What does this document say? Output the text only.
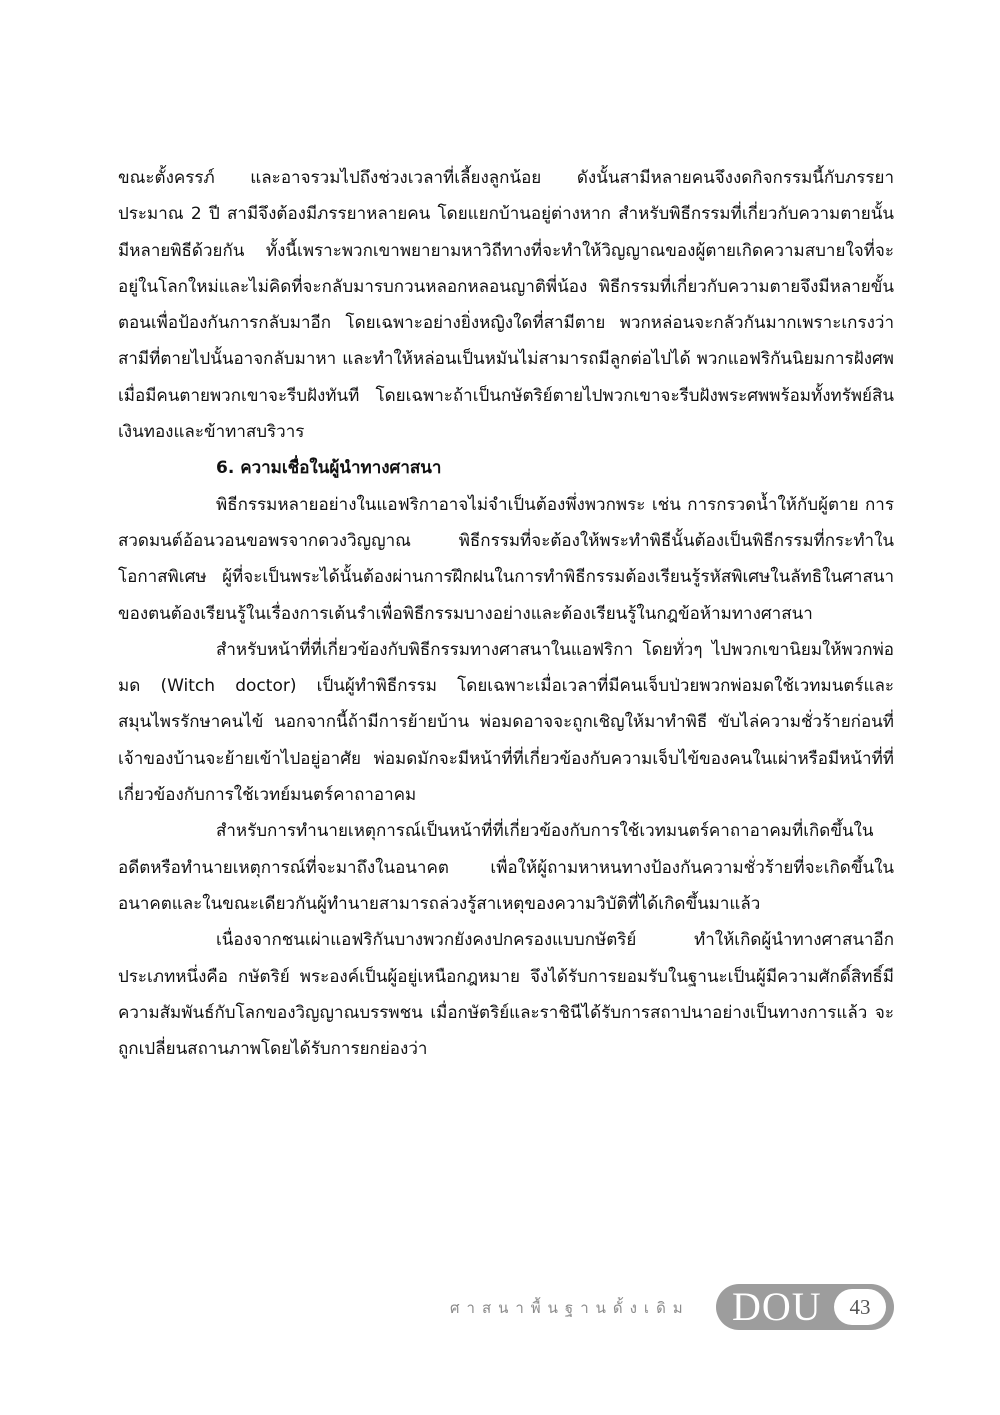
ขณะตั้งครรภ์ และอาจรวมไปถึงช่วงเวลาที่เลี้ยงลูกน้อย ดังนั้นสามีหลายคนจึงงดกิจกรรมนี้กับภรรยาประมาณ 2 ปี สามีจึงต้องมีภรรยาหลายคน โดยแยกบ้านอยู่ต่างหาก สำหรับพิธีกรรมที่เกี่ยวกับความตายนั้นมีหลายพิธีด้วยกัน ทั้งนี้เพราะพวกเขาพยายามหาวิถีทางที่จะทำให้วิญญาณของผู้ตายเกิดความสบายใจที่จะอยู่ในโลกใหม่และไม่คิดที่จะกลับมารบกวนหลอกหลอนญาติพี่น้อง พิธีกรรมที่เกี่ยวกับความตายจึงมีหลายขั้นตอนเพื่อป้องกันการกลับมาอีก โดยเฉพาะอย่างยิ่งหญิงใดที่สามีตาย พวกหล่อนจะกลัวกันมากเพราะเกรงว่าสามีที่ตายไปนั้นอาจกลับมาหา และทำให้หล่อนเป็นหมันไม่สามารถมีลูกต่อไปได้ พวกแอฟริกันนิยมการฝังศพเมื่อมีคนตายพวกเขาจะรีบฝังทันที โดยเฉพาะถ้าเป็นกษัตริย์ตายไปพวกเขาจะรีบฝังพระศพพร้อมทั้งทรัพย์สินเงินทองและข้าทาสบริวาร

6. ความเชื่อในผู้นำทางศาสนา

พิธีกรรมหลายอย่างในแอฟริกาอาจไม่จำเป็นต้องพึ่งพวกพระ เช่น การกรวดน้ำให้กับผู้ตาย การสวดมนต์อ้อนวอนขอพรจากดวงวิญญาณ พิธีกรรมที่จะต้องให้พระทำพิธีนั้นต้องเป็นพิธีกรรมที่กระทำในโอกาสพิเศษ ผู้ที่จะเป็นพระได้นั้นต้องผ่านการฝึกฝนในการทำพิธีกรรมต้องเรียนรู้รหัสพิเศษในลัทธิในศาสนาของตนต้องเรียนรู้ในเรื่องการเต้นรำเพื่อพิธีกรรมบางอย่างและต้องเรียนรู้ในกฎข้อห้ามทางศาสนา

สำหรับหน้าที่ที่เกี่ยวข้องกับพิธีกรรมทางศาสนาในแอฟริกา โดยทั่วๆ ไปพวกเขานิยมให้พวกพ่อมด (Witch doctor) เป็นผู้ทำพิธีกรรม โดยเฉพาะเมื่อเวลาที่มีคนเจ็บป่วยพวกพ่อมดใช้เวทมนตร์และสมุนไพรรักษาคนไข้ นอกจากนี้ถ้ามีการย้ายบ้าน พ่อมดอาจจะถูกเชิญให้มาทำพิธี ขับไล่ความชั่วร้ายก่อนที่เจ้าของบ้านจะย้ายเข้าไปอยู่อาศัย พ่อมดมักจะมีหน้าที่ที่เกี่ยวข้องกับความเจ็บไข้ของคนในเผ่าหรือมีหน้าที่ที่เกี่ยวข้องกับการใช้เวทย์มนตร์คาถาอาคม

สำหรับการทำนายเหตุการณ์เป็นหน้าที่ที่เกี่ยวข้องกับการใช้เวทมนตร์คาถาอาคมที่เกิดขึ้นในอดีตหรือทำนายเหตุการณ์ที่จะมาถึงในอนาคต เพื่อให้ผู้ถามหาหนทางป้องกันความชั่วร้ายที่จะเกิดขึ้นในอนาคตและในขณะเดียวกันผู้ทำนายสามารถล่วงรู้สาเหตุของความวิบัติที่ได้เกิดขึ้นมาแล้ว

เนื่องจากชนเผ่าแอฟริกันบางพวกยังคงปกครองแบบกษัตริย์ ทำให้เกิดผู้นำทางศาสนาอีกประเภทหนึ่งคือ กษัตริย์ พระองค์เป็นผู้อยู่เหนือกฎหมาย จึงได้รับการยอมรับในฐานะเป็นผู้มีความศักดิ์สิทธิ์มีความสัมพันธ์กับโลกของวิญญาณบรรพชน เมื่อกษัตริย์และราชินีได้รับการสถาปนาอย่างเป็นทางการแล้ว จะถูกเปลี่ยนสถานภาพโดยได้รับการยกย่องว่า

ศาสนาพื้นฐานดั้งเดิม DOU	43
